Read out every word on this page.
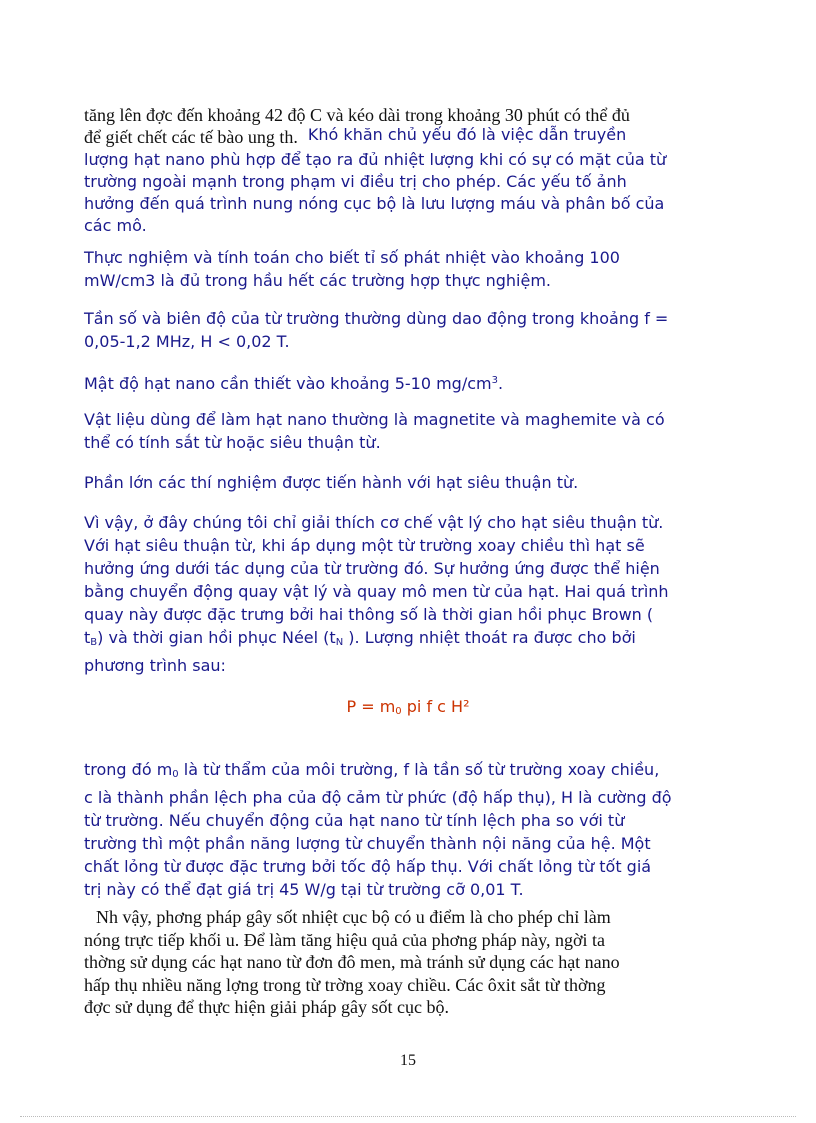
tăng lên đợc đến khoảng 42 độ C và kéo dài trong khoảng 30 phút có thể đủ
để giết chết các tế bào ung th. Khó khăn chủ yếu đó là việc dẫn truyền
lượng hạt nano phù hợp để tạo ra đủ nhiệt lượng khi có sự có mặt của từ
trường ngoài mạnh trong phạm vi điều trị cho phép. Các yếu tố ảnh
hưởng đến quá trình nung nóng cục bộ là lưu lượng máu và phân bố của
các mô.
Thực nghiệm và tính toán cho biết tỉ số phát nhiệt vào khoảng 100
mW/cm3 là đủ trong hầu hết các trường hợp thực nghiệm.
Tần số và biên độ của từ trường thường dùng dao động trong khoảng f =
0,05-1,2 MHz, H < 0,02 T.
Mật độ hạt nano cần thiết vào khoảng 5-10 $mg/cm^3$.
Vật liệu dùng để làm hạt nano thường là magnetite và maghemite và có
thể có tính sắt từ hoặc siêu thuận từ.
Phần lớn các thí nghiệm được tiến hành với hạt siêu thuận từ.
Vì vậy, ở đây chúng tôi chỉ giải thích cơ chế vật lý cho hạt siêu thuận từ.
Với hạt siêu thuận từ, khi áp dụng một từ trường xoay chiều thì hạt sẽ
hưởng ứng dưới tác dụng của từ trường đó. Sự hưởng ứng được thể hiện
bằng chuyển động quay vật lý và quay mô men từ của hạt. Hai quá trình
quay này được đặc trưng bởi hai thông số là thời gian hồi phục Brown (
$t_B$) và thời gian hồi phục Néel ($t_N$ ). Lượng nhiệt thoát ra được cho bởi
phương trình sau:
$P = m_0$ pi f c H²
trong đó $m_0$ là từ thẩm của môi trường, f là tần số từ trường xoay chiều,
c là thành phần lệch pha của độ cảm từ phức (độ hấp thụ), H là cường độ
từ trường. Nếu chuyển động của hạt nano từ tính lệch pha so với từ
trường thì một phần năng lượng từ chuyển thành nội năng của hệ. Một
chất lỏng từ được đặc trưng bởi tốc độ hấp thụ. Với chất lỏng từ tốt giá
trị này có thể đạt giá trị 45 W/g tại từ trường cỡ 0,01 T.
Nh vậy, phơng pháp gây sốt nhiệt cục bộ có u điểm là cho phép chỉ làm
nóng trực tiếp khối u. Để làm tăng hiệu quả của phơng pháp này, ngời ta
thờng sử dụng các hạt nano từ đơn đô men, mà tránh sử dụng các hạt nano
hấp thụ nhiều năng lợng trong từ trờng xoay chiều. Các ôxit sắt từ thờng
đợc sử dụng để thực hiện giải pháp gây sốt cục bộ.
15
